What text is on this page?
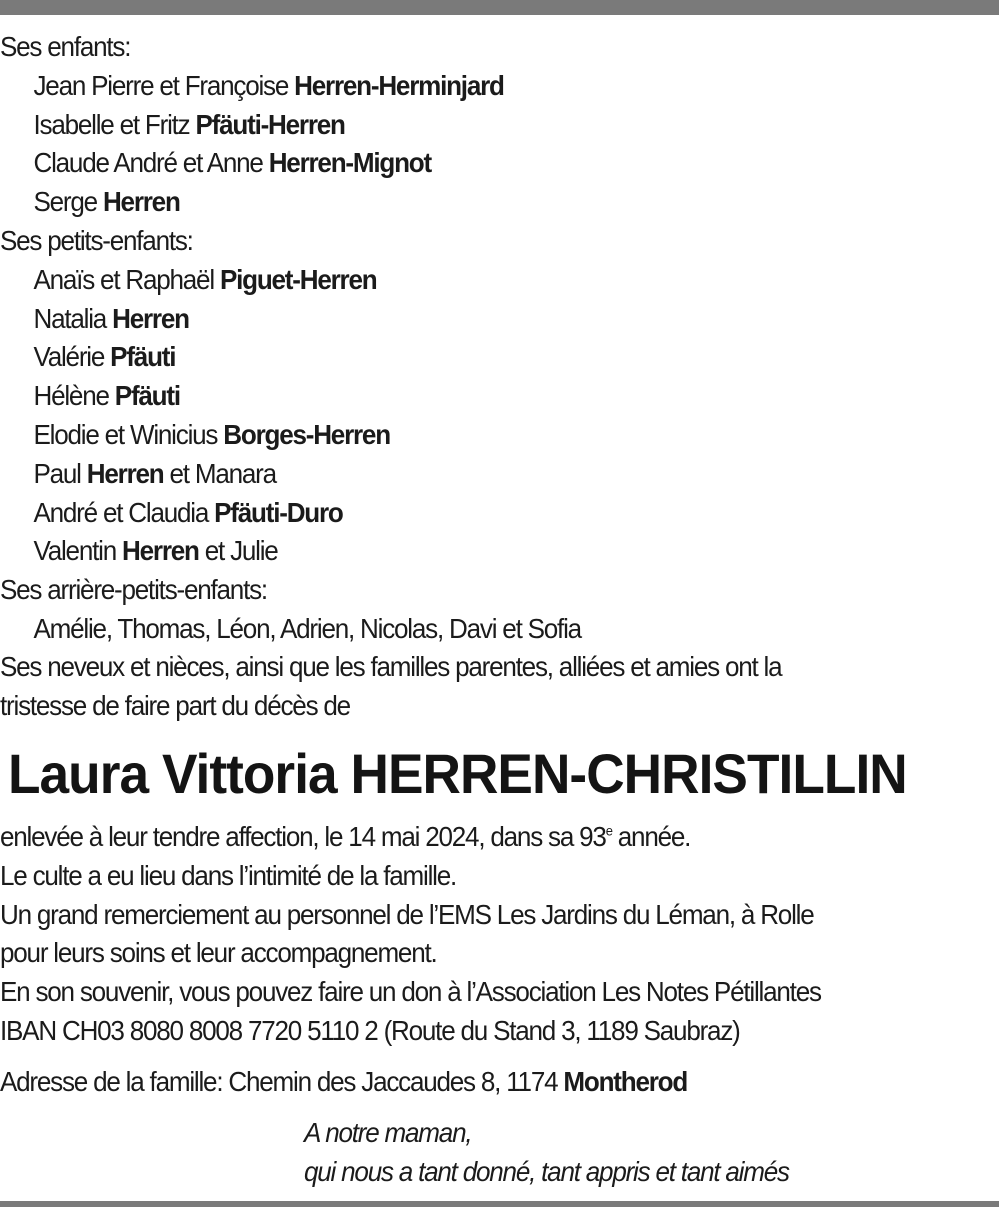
Ses enfants:
Jean Pierre et Françoise Herren-Herminjard
Isabelle et Fritz Pfäuti-Herren
Claude André et Anne Herren-Mignot
Serge Herren
Ses petits-enfants:
Anaïs et Raphaël Piguet-Herren
Natalia Herren
Valérie Pfäuti
Hélène Pfäuti
Elodie et Winicius Borges-Herren
Paul Herren et Manara
André et Claudia Pfäuti-Duro
Valentin Herren et Julie
Ses arrière-petits-enfants:
Amélie, Thomas, Léon, Adrien, Nicolas, Davi et Sofia
Ses neveux et nièces, ainsi que les familles parentes, alliées et amies ont la
tristesse de faire part du décès de
Laura Vittoria HERREN-CHRISTILLIN
enlevée à leur tendre affection, le 14 mai 2024, dans sa 93e année.
Le culte a eu lieu dans l’intimité de la famille.
Un grand remerciement au personnel de l’EMS Les Jardins du Léman, à Rolle
pour leurs soins et leur accompagnement.
En son souvenir, vous pouvez faire un don à l’Association Les Notes Pétillantes
IBAN CH03 8080 8008 7720 5110 2 (Route du Stand 3, 1189 Saubraz)
Adresse de la famille: Chemin des Jaccaudes 8, 1174 Montherod
A notre maman,
qui nous a tant donné, tant appris et tant aimés
